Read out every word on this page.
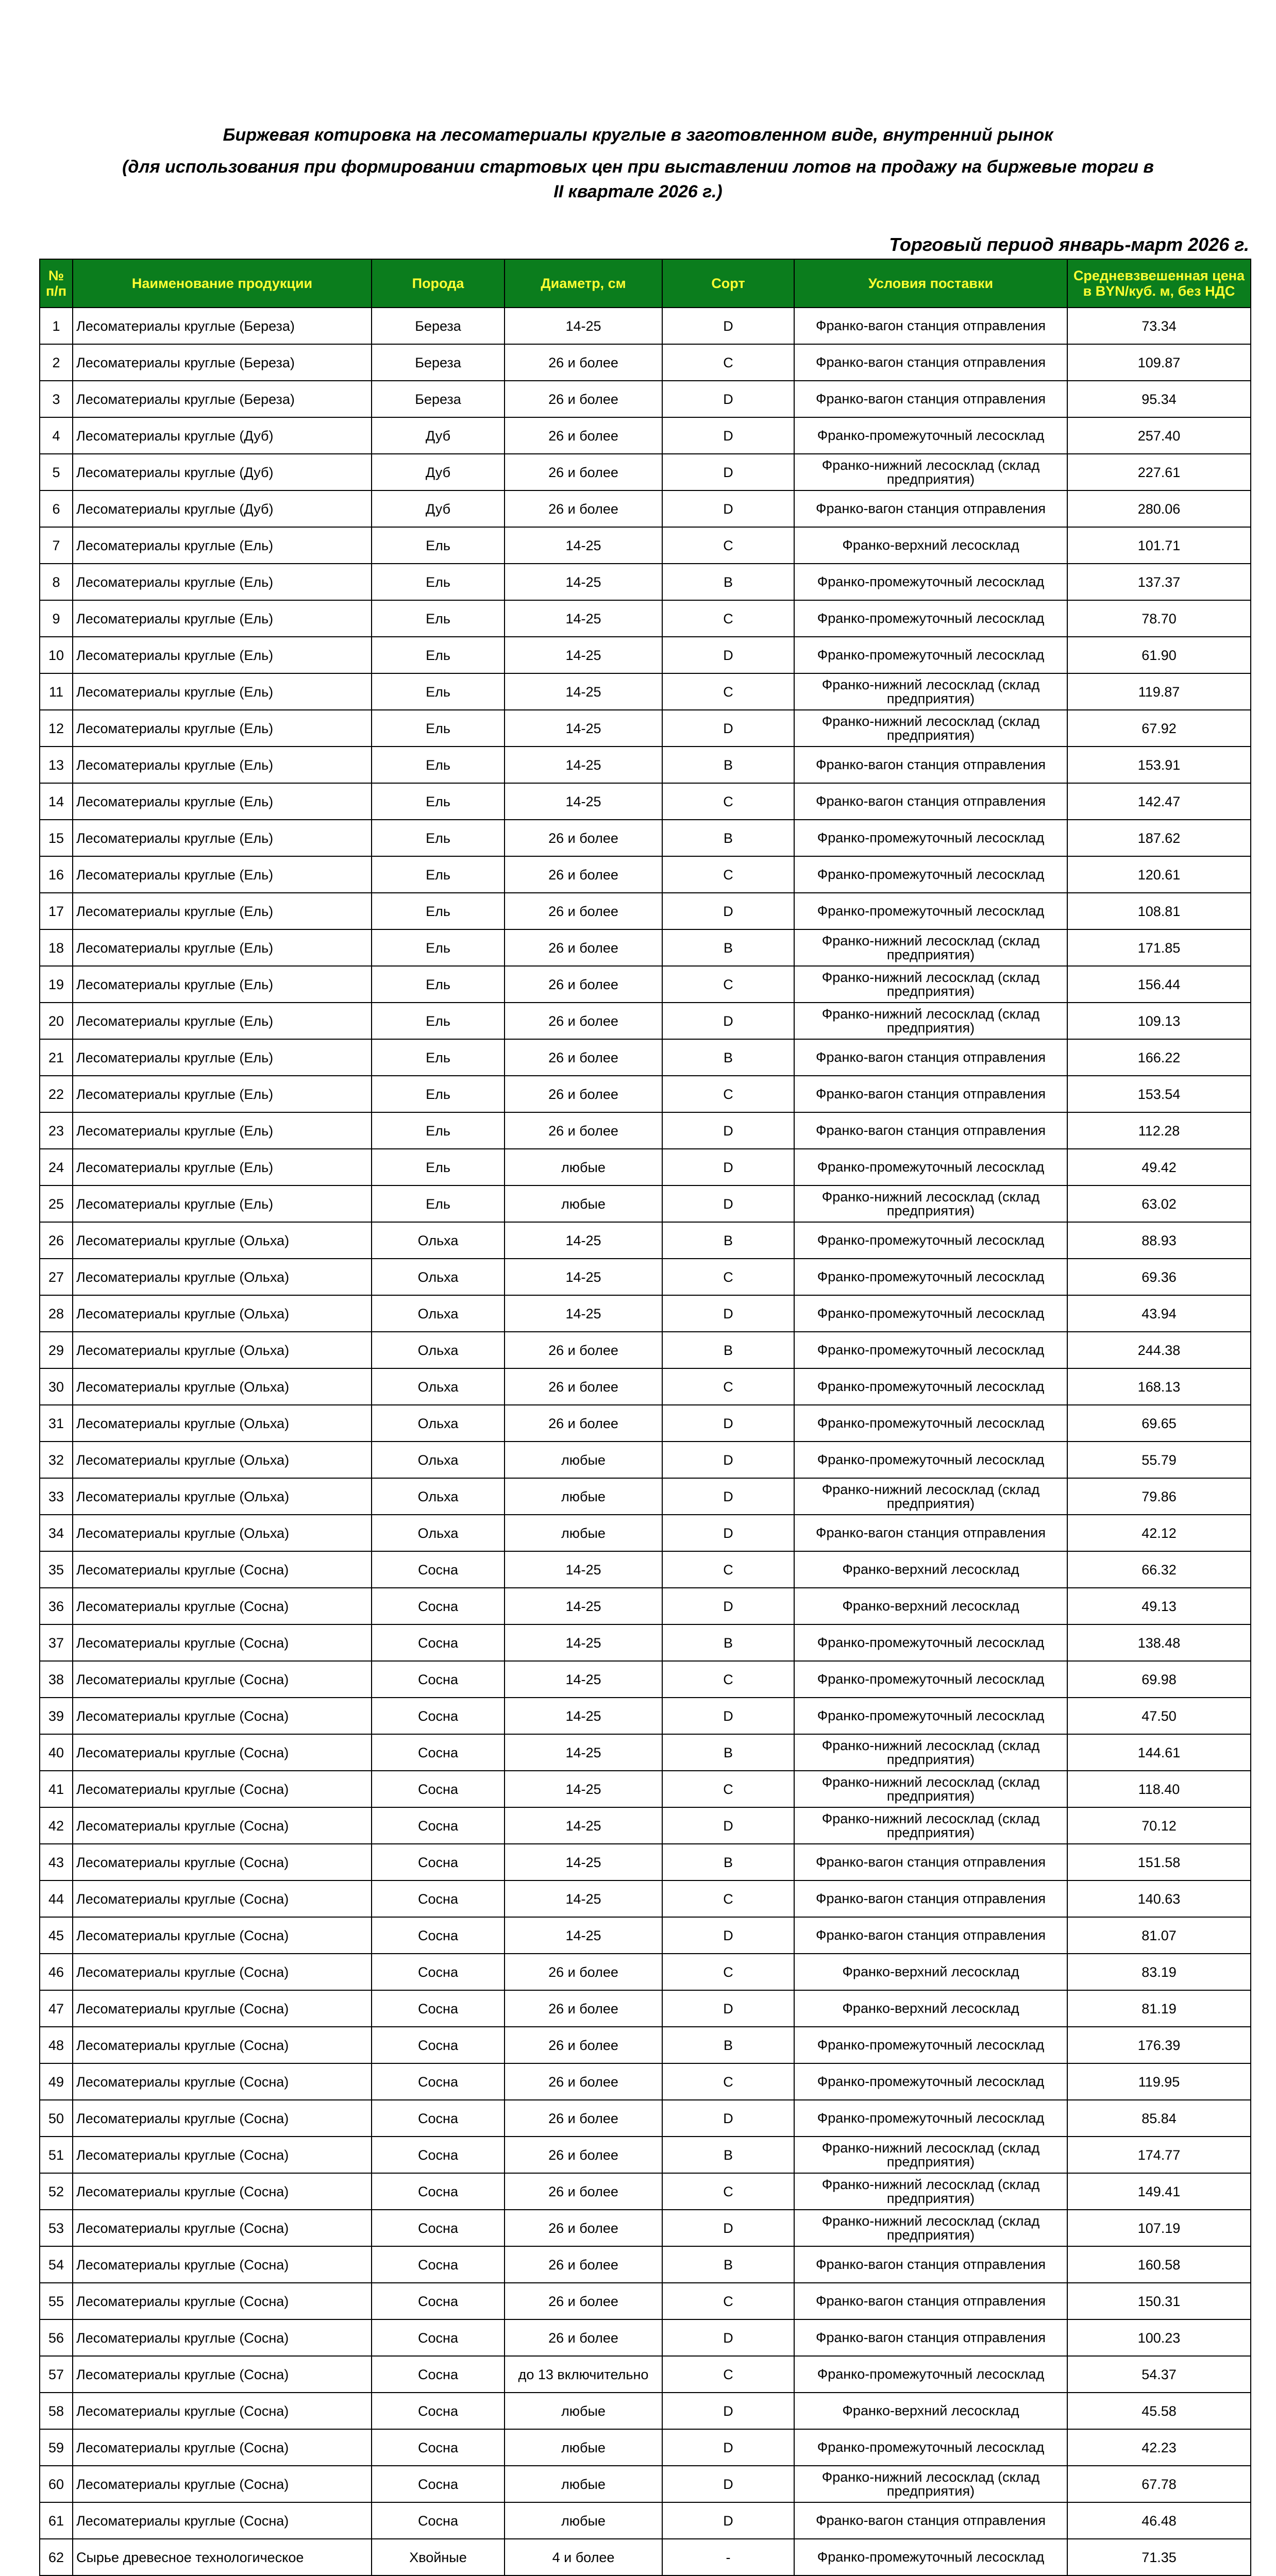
Биржевая котировка на лесоматериалы круглые в заготовленном виде, внутренний рынок
(для использования при формировании стартовых цен при выставлении лотов на продажу на биржевые торги в
II квартале 2026 г.)
Торговый период январь-март 2026 г.
№ п/п	Наименование продукции	Порода	Диаметр, см	Сорт	Условия поставки	Средневзвешенная цена в BYN/куб. м, без НДС
1	Лесоматериалы круглые (Береза)	Береза	14-25	D	Франко-вагон станция отправления	73.34
2	Лесоматериалы круглые (Береза)	Береза	26 и более	C	Франко-вагон станция отправления	109.87
3	Лесоматериалы круглые (Береза)	Береза	26 и более	D	Франко-вагон станция отправления	95.34
4	Лесоматериалы круглые (Дуб)	Дуб	26 и более	D	Франко-промежуточный лесосклад	257.40
5	Лесоматериалы круглые (Дуб)	Дуб	26 и более	D	Франко-нижний лесосклад (склад предприятия)	227.61
6	Лесоматериалы круглые (Дуб)	Дуб	26 и более	D	Франко-вагон станция отправления	280.06
7	Лесоматериалы круглые (Ель)	Ель	14-25	C	Франко-верхний лесосклад	101.71
8	Лесоматериалы круглые (Ель)	Ель	14-25	B	Франко-промежуточный лесосклад	137.37
9	Лесоматериалы круглые (Ель)	Ель	14-25	C	Франко-промежуточный лесосклад	78.70
10	Лесоматериалы круглые (Ель)	Ель	14-25	D	Франко-промежуточный лесосклад	61.90
11	Лесоматериалы круглые (Ель)	Ель	14-25	C	Франко-нижний лесосклад (склад предприятия)	119.87
12	Лесоматериалы круглые (Ель)	Ель	14-25	D	Франко-нижний лесосклад (склад предприятия)	67.92
13	Лесоматериалы круглые (Ель)	Ель	14-25	B	Франко-вагон станция отправления	153.91
14	Лесоматериалы круглые (Ель)	Ель	14-25	C	Франко-вагон станция отправления	142.47
15	Лесоматериалы круглые (Ель)	Ель	26 и более	B	Франко-промежуточный лесосклад	187.62
16	Лесоматериалы круглые (Ель)	Ель	26 и более	C	Франко-промежуточный лесосклад	120.61
17	Лесоматериалы круглые (Ель)	Ель	26 и более	D	Франко-промежуточный лесосклад	108.81
18	Лесоматериалы круглые (Ель)	Ель	26 и более	B	Франко-нижний лесосклад (склад предприятия)	171.85
19	Лесоматериалы круглые (Ель)	Ель	26 и более	C	Франко-нижний лесосклад (склад предприятия)	156.44
20	Лесоматериалы круглые (Ель)	Ель	26 и более	D	Франко-нижний лесосклад (склад предприятия)	109.13
21	Лесоматериалы круглые (Ель)	Ель	26 и более	B	Франко-вагон станция отправления	166.22
22	Лесоматериалы круглые (Ель)	Ель	26 и более	C	Франко-вагон станция отправления	153.54
23	Лесоматериалы круглые (Ель)	Ель	26 и более	D	Франко-вагон станция отправления	112.28
24	Лесоматериалы круглые (Ель)	Ель	любые	D	Франко-промежуточный лесосклад	49.42
25	Лесоматериалы круглые (Ель)	Ель	любые	D	Франко-нижний лесосклад (склад предприятия)	63.02
26	Лесоматериалы круглые (Ольха)	Ольха	14-25	B	Франко-промежуточный лесосклад	88.93
27	Лесоматериалы круглые (Ольха)	Ольха	14-25	C	Франко-промежуточный лесосклад	69.36
28	Лесоматериалы круглые (Ольха)	Ольха	14-25	D	Франко-промежуточный лесосклад	43.94
29	Лесоматериалы круглые (Ольха)	Ольха	26 и более	B	Франко-промежуточный лесосклад	244.38
30	Лесоматериалы круглые (Ольха)	Ольха	26 и более	C	Франко-промежуточный лесосклад	168.13
31	Лесоматериалы круглые (Ольха)	Ольха	26 и более	D	Франко-промежуточный лесосклад	69.65
32	Лесоматериалы круглые (Ольха)	Ольха	любые	D	Франко-промежуточный лесосклад	55.79
33	Лесоматериалы круглые (Ольха)	Ольха	любые	D	Франко-нижний лесосклад (склад предприятия)	79.86
34	Лесоматериалы круглые (Ольха)	Ольха	любые	D	Франко-вагон станция отправления	42.12
35	Лесоматериалы круглые (Сосна)	Сосна	14-25	C	Франко-верхний лесосклад	66.32
36	Лесоматериалы круглые (Сосна)	Сосна	14-25	D	Франко-верхний лесосклад	49.13
37	Лесоматериалы круглые (Сосна)	Сосна	14-25	B	Франко-промежуточный лесосклад	138.48
38	Лесоматериалы круглые (Сосна)	Сосна	14-25	C	Франко-промежуточный лесосклад	69.98
39	Лесоматериалы круглые (Сосна)	Сосна	14-25	D	Франко-промежуточный лесосклад	47.50
40	Лесоматериалы круглые (Сосна)	Сосна	14-25	B	Франко-нижний лесосклад (склад предприятия)	144.61
41	Лесоматериалы круглые (Сосна)	Сосна	14-25	C	Франко-нижний лесосклад (склад предприятия)	118.40
42	Лесоматериалы круглые (Сосна)	Сосна	14-25	D	Франко-нижний лесосклад (склад предприятия)	70.12
43	Лесоматериалы круглые (Сосна)	Сосна	14-25	B	Франко-вагон станция отправления	151.58
44	Лесоматериалы круглые (Сосна)	Сосна	14-25	C	Франко-вагон станция отправления	140.63
45	Лесоматериалы круглые (Сосна)	Сосна	14-25	D	Франко-вагон станция отправления	81.07
46	Лесоматериалы круглые (Сосна)	Сосна	26 и более	C	Франко-верхний лесосклад	83.19
47	Лесоматериалы круглые (Сосна)	Сосна	26 и более	D	Франко-верхний лесосклад	81.19
48	Лесоматериалы круглые (Сосна)	Сосна	26 и более	B	Франко-промежуточный лесосклад	176.39
49	Лесоматериалы круглые (Сосна)	Сосна	26 и более	C	Франко-промежуточный лесосклад	119.95
50	Лесоматериалы круглые (Сосна)	Сосна	26 и более	D	Франко-промежуточный лесосклад	85.84
51	Лесоматериалы круглые (Сосна)	Сосна	26 и более	B	Франко-нижний лесосклад (склад предприятия)	174.77
52	Лесоматериалы круглые (Сосна)	Сосна	26 и более	C	Франко-нижний лесосклад (склад предприятия)	149.41
53	Лесоматериалы круглые (Сосна)	Сосна	26 и более	D	Франко-нижний лесосклад (склад предприятия)	107.19
54	Лесоматериалы круглые (Сосна)	Сосна	26 и более	B	Франко-вагон станция отправления	160.58
55	Лесоматериалы круглые (Сосна)	Сосна	26 и более	C	Франко-вагон станция отправления	150.31
56	Лесоматериалы круглые (Сосна)	Сосна	26 и более	D	Франко-вагон станция отправления	100.23
57	Лесоматериалы круглые (Сосна)	Сосна	до 13 включительно	C	Франко-промежуточный лесосклад	54.37
58	Лесоматериалы круглые (Сосна)	Сосна	любые	D	Франко-верхний лесосклад	45.58
59	Лесоматериалы круглые (Сосна)	Сосна	любые	D	Франко-промежуточный лесосклад	42.23
60	Лесоматериалы круглые (Сосна)	Сосна	любые	D	Франко-нижний лесосклад (склад предприятия)	67.78
61	Лесоматериалы круглые (Сосна)	Сосна	любые	D	Франко-вагон станция отправления	46.48
62	Сырье древесное технологическое	Хвойные	4 и более	-	Франко-промежуточный лесосклад	71.35
